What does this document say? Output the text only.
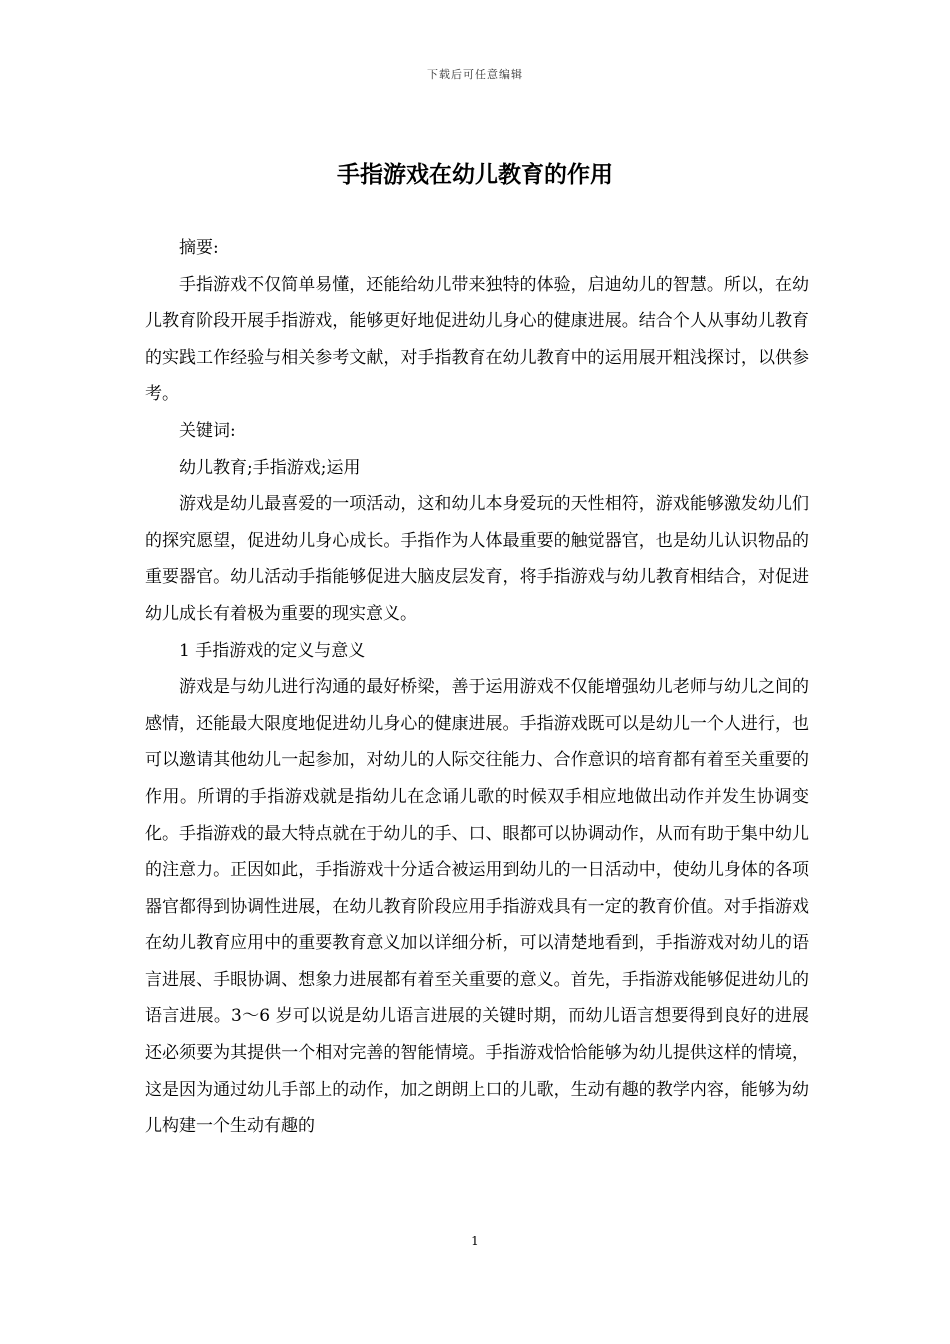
下载后可任意编辑
手指游戏在幼儿教育的作用

摘要:

手指游戏不仅简单易懂，还能给幼儿带来独特的体验，启迪幼儿的智慧。所以，在幼儿教育阶段开展手指游戏，能够更好地促进幼儿身心的健康进展。结合个人从事幼儿教育的实践工作经验与相关参考文献，对手指教育在幼儿教育中的运用展开粗浅探讨，以供参考。

关键词:

幼儿教育;手指游戏;运用

游戏是幼儿最喜爱的一项活动，这和幼儿本身爱玩的天性相符，游戏能够激发幼儿们的探究愿望，促进幼儿身心成长。手指作为人体最重要的触觉器官，也是幼儿认识物品的重要器官。幼儿活动手指能够促进大脑皮层发育，将手指游戏与幼儿教育相结合，对促进幼儿成长有着极为重要的现实意义。

1 手指游戏的定义与意义

游戏是与幼儿进行沟通的最好桥梁，善于运用游戏不仅能增强幼儿老师与幼儿之间的感情，还能最大限度地促进幼儿身心的健康进展。手指游戏既可以是幼儿一个人进行，也可以邀请其他幼儿一起参加，对幼儿的人际交往能力、合作意识的培育都有着至关重要的作用。所谓的手指游戏就是指幼儿在念诵儿歌的时候双手相应地做出动作并发生协调变化。手指游戏的最大特点就在于幼儿的手、口、眼都可以协调动作，从而有助于集中幼儿的注意力。正因如此，手指游戏十分适合被运用到幼儿的一日活动中，使幼儿身体的各项器官都得到协调性进展，在幼儿教育阶段应用手指游戏具有一定的教育价值。对手指游戏在幼儿教育应用中的重要教育意义加以详细分析，可以清楚地看到，手指游戏对幼儿的语言进展、手眼协调、想象力进展都有着至关重要的意义。首先，手指游戏能够促进幼儿的语言进展。3～6 岁可以说是幼儿语言进展的关键时期，而幼儿语言想要得到良好的进展还必须要为其提供一个相对完善的智能情境。手指游戏恰恰能够为幼儿提供这样的情境，这是因为通过幼儿手部上的动作，加之朗朗上口的儿歌，生动有趣的教学内容，能够为幼儿构建一个生动有趣的

1
